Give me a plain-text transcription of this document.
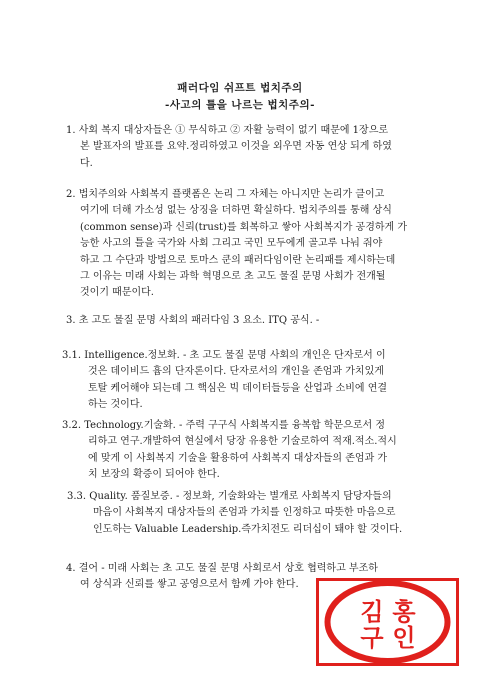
패러다임 쉬프트 법치주의
-사고의 틀을 나르는 법치주의-
1. 사회 복지 대상자들은 ① 무식하고 ② 자활 능력이 없기 때문에 1장으로
본 발표자의 발표를 요약.정리하였고 이것을 외우면 자동 연상 되게 하였
다.
2. 법치주의와 사회복지 플랫폼은 논리 그 자체는 아니지만 논리가 클이고
여기에 더해 가소성 없는 상징을 더하면 확실하다. 법치주의를 통해 상식
(common sense)과 신뢰(trust)를 회복하고 쌓아 사회복지가 공경하게 가
능한 사고의 틀을 국가와 사회 그리고 국민 모두에게 골고루 나눠 줘야
하고 그 수단과 방법으로 토마스 쿤의 패러다임이란 논리패를 제시하는데
그 이유는 미래 사회는 과학 혁명으로 초 고도 물질 문명 사회가 전개될
것이기 때문이다.
3. 초 고도 물질 문명 사회의 패러다임 3 요소. ITQ 공식. -
3.1. Intelligence.정보화. - 초 고도 물질 문명 사회의 개인은 단자로서 이
것은 데이비드 흄의 단자론이다. 단자로서의 개인을 존엄과 가치있게
토탈 케어해야 되는데 그 핵심은 빅 데이터들등을 산업과 소비에 연결
하는 것이다.
3.2. Technology.기술화. - 주력 구구식 사회복지를 융복합 학문으로서 정
리하고 연구.개발하여 현실에서 당장 유용한 기술로하여 적재.적소.적시
에 맞게 이 사회복지 기술을 활용하여 사회복지 대상자들의 존엄과 가
치 보장의 확증이 되어야 한다.
3.3. Quality. 품질보증. - 정보화, 기술화와는 별개로 사회복지 담당자들의
마음이 사회복지 대상자들의 존엄과 가치를 인정하고 따뜻한 마음으로
인도하는 Valuable Leadership.즉가치전도 리더십이 돼야 할 것이다.
4. 결어 - 미래 사회는 초 고도 물질 문명 사회로서 상호 협력하고 부조하
여 상식과 신뢰를 쌓고 공영으로서 함께 가야 한다.
김 홍
구 인
